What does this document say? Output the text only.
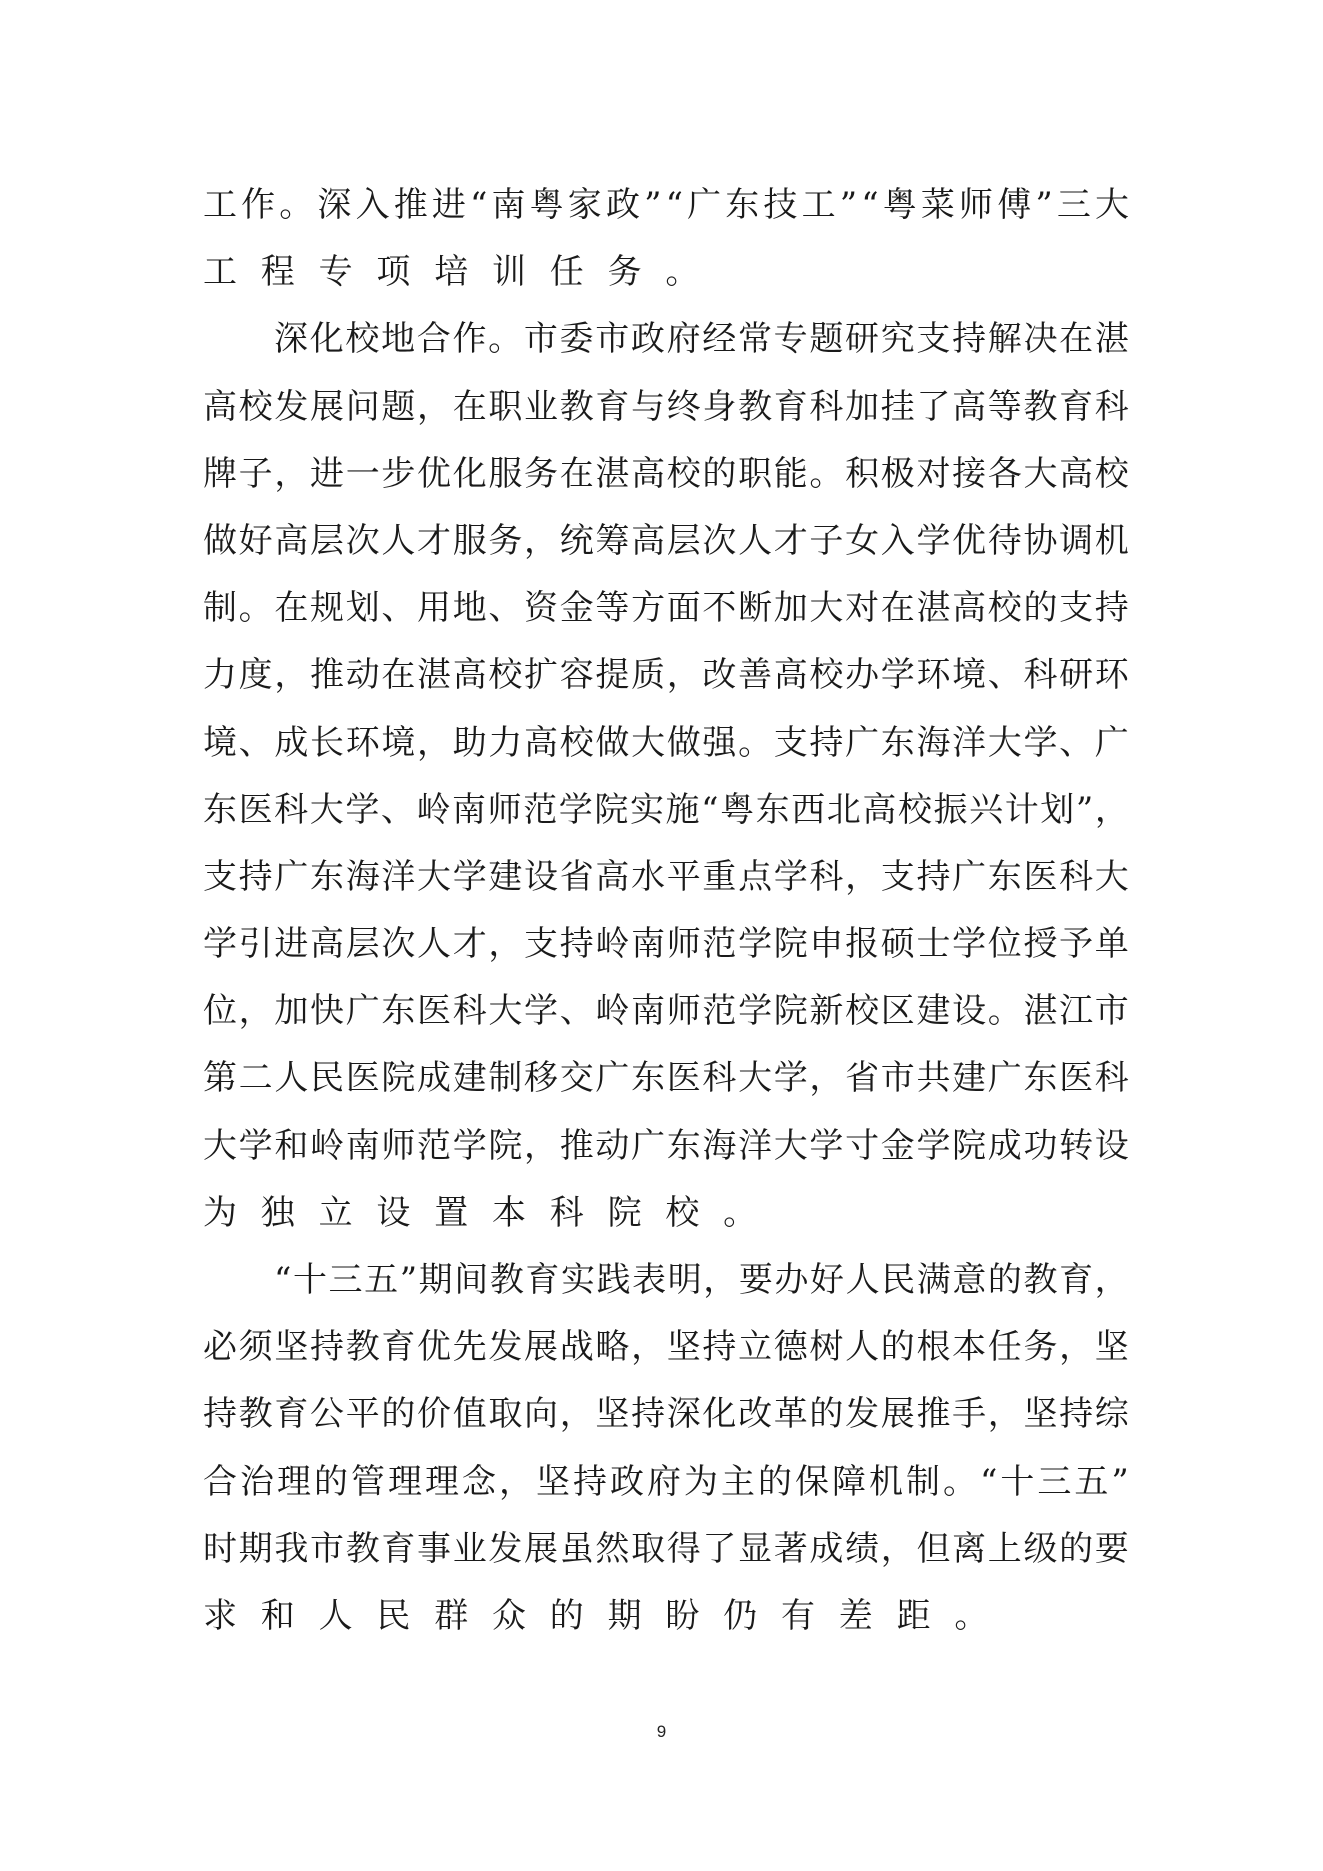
工 作 。 深 入 推 进 “ 南 粤 家 政 ” “ 广 东 技 工 ” “ 粤 菜 师 傅 ” 三 大
工 程 专 项 培 训 任 务 。
深 化 校 地 合 作 。 市 委 市 政 府 经 常 专 题 研 究 支 持 解 决 在 湛
高 校 发 展 问 题 ， 在 职 业 教 育 与 终 身 教 育 科 加 挂 了 高 等 教 育 科
牌 子 ， 进 一 步 优 化 服 务 在 湛 高 校 的 职 能 。 积 极 对 接 各 大 高 校
做 好 高 层 次 人 才 服 务 ， 统 筹 高 层 次 人 才 子 女 入 学 优 待 协 调 机
制 。 在 规 划 、 用 地 、 资 金 等 方 面 不 断 加 大 对 在 湛 高 校 的 支 持
力 度 ， 推 动 在 湛 高 校 扩 容 提 质 ， 改 善 高 校 办 学 环 境 、 科 研 环
境 、 成 长 环 境 ， 助 力 高 校 做 大 做 强 。 支 持 广 东 海 洋 大 学 、 广
东 医 科 大 学 、 岭 南 师 范 学 院 实 施 “ 粤 东 西 北 高 校 振 兴 计 划 ” ，
支 持 广 东 海 洋 大 学 建 设 省 高 水 平 重 点 学 科 ， 支 持 广 东 医 科 大
学 引 进 高 层 次 人 才 ， 支 持 岭 南 师 范 学 院 申 报 硕 士 学 位 授 予 单
位 ， 加 快 广 东 医 科 大 学 、 岭 南 师 范 学 院 新 校 区 建 设 。 湛 江 市
第 二 人 民 医 院 成 建 制 移 交 广 东 医 科 大 学 ， 省 市 共 建 广 东 医 科
大 学 和 岭 南 师 范 学 院 ， 推 动 广 东 海 洋 大 学 寸 金 学 院 成 功 转 设
为 独 立 设 置 本 科 院 校 。
“ 十 三 五 ” 期 间 教 育 实 践 表 明 ， 要 办 好 人 民 满 意 的 教 育 ，
必 须 坚 持 教 育 优 先 发 展 战 略 ， 坚 持 立 德 树 人 的 根 本 任 务 ， 坚
持 教 育 公 平 的 价 值 取 向 ， 坚 持 深 化 改 革 的 发 展 推 手 ， 坚 持 综
合 治 理 的 管 理 理 念 ， 坚 持 政 府 为 主 的 保 障 机 制 。 “ 十 三 五 ”
时 期 我 市 教 育 事 业 发 展 虽 然 取 得 了 显 著 成 绩 ， 但 离 上 级 的 要
求 和 人 民 群 众 的 期 盼 仍 有 差 距 。
9
